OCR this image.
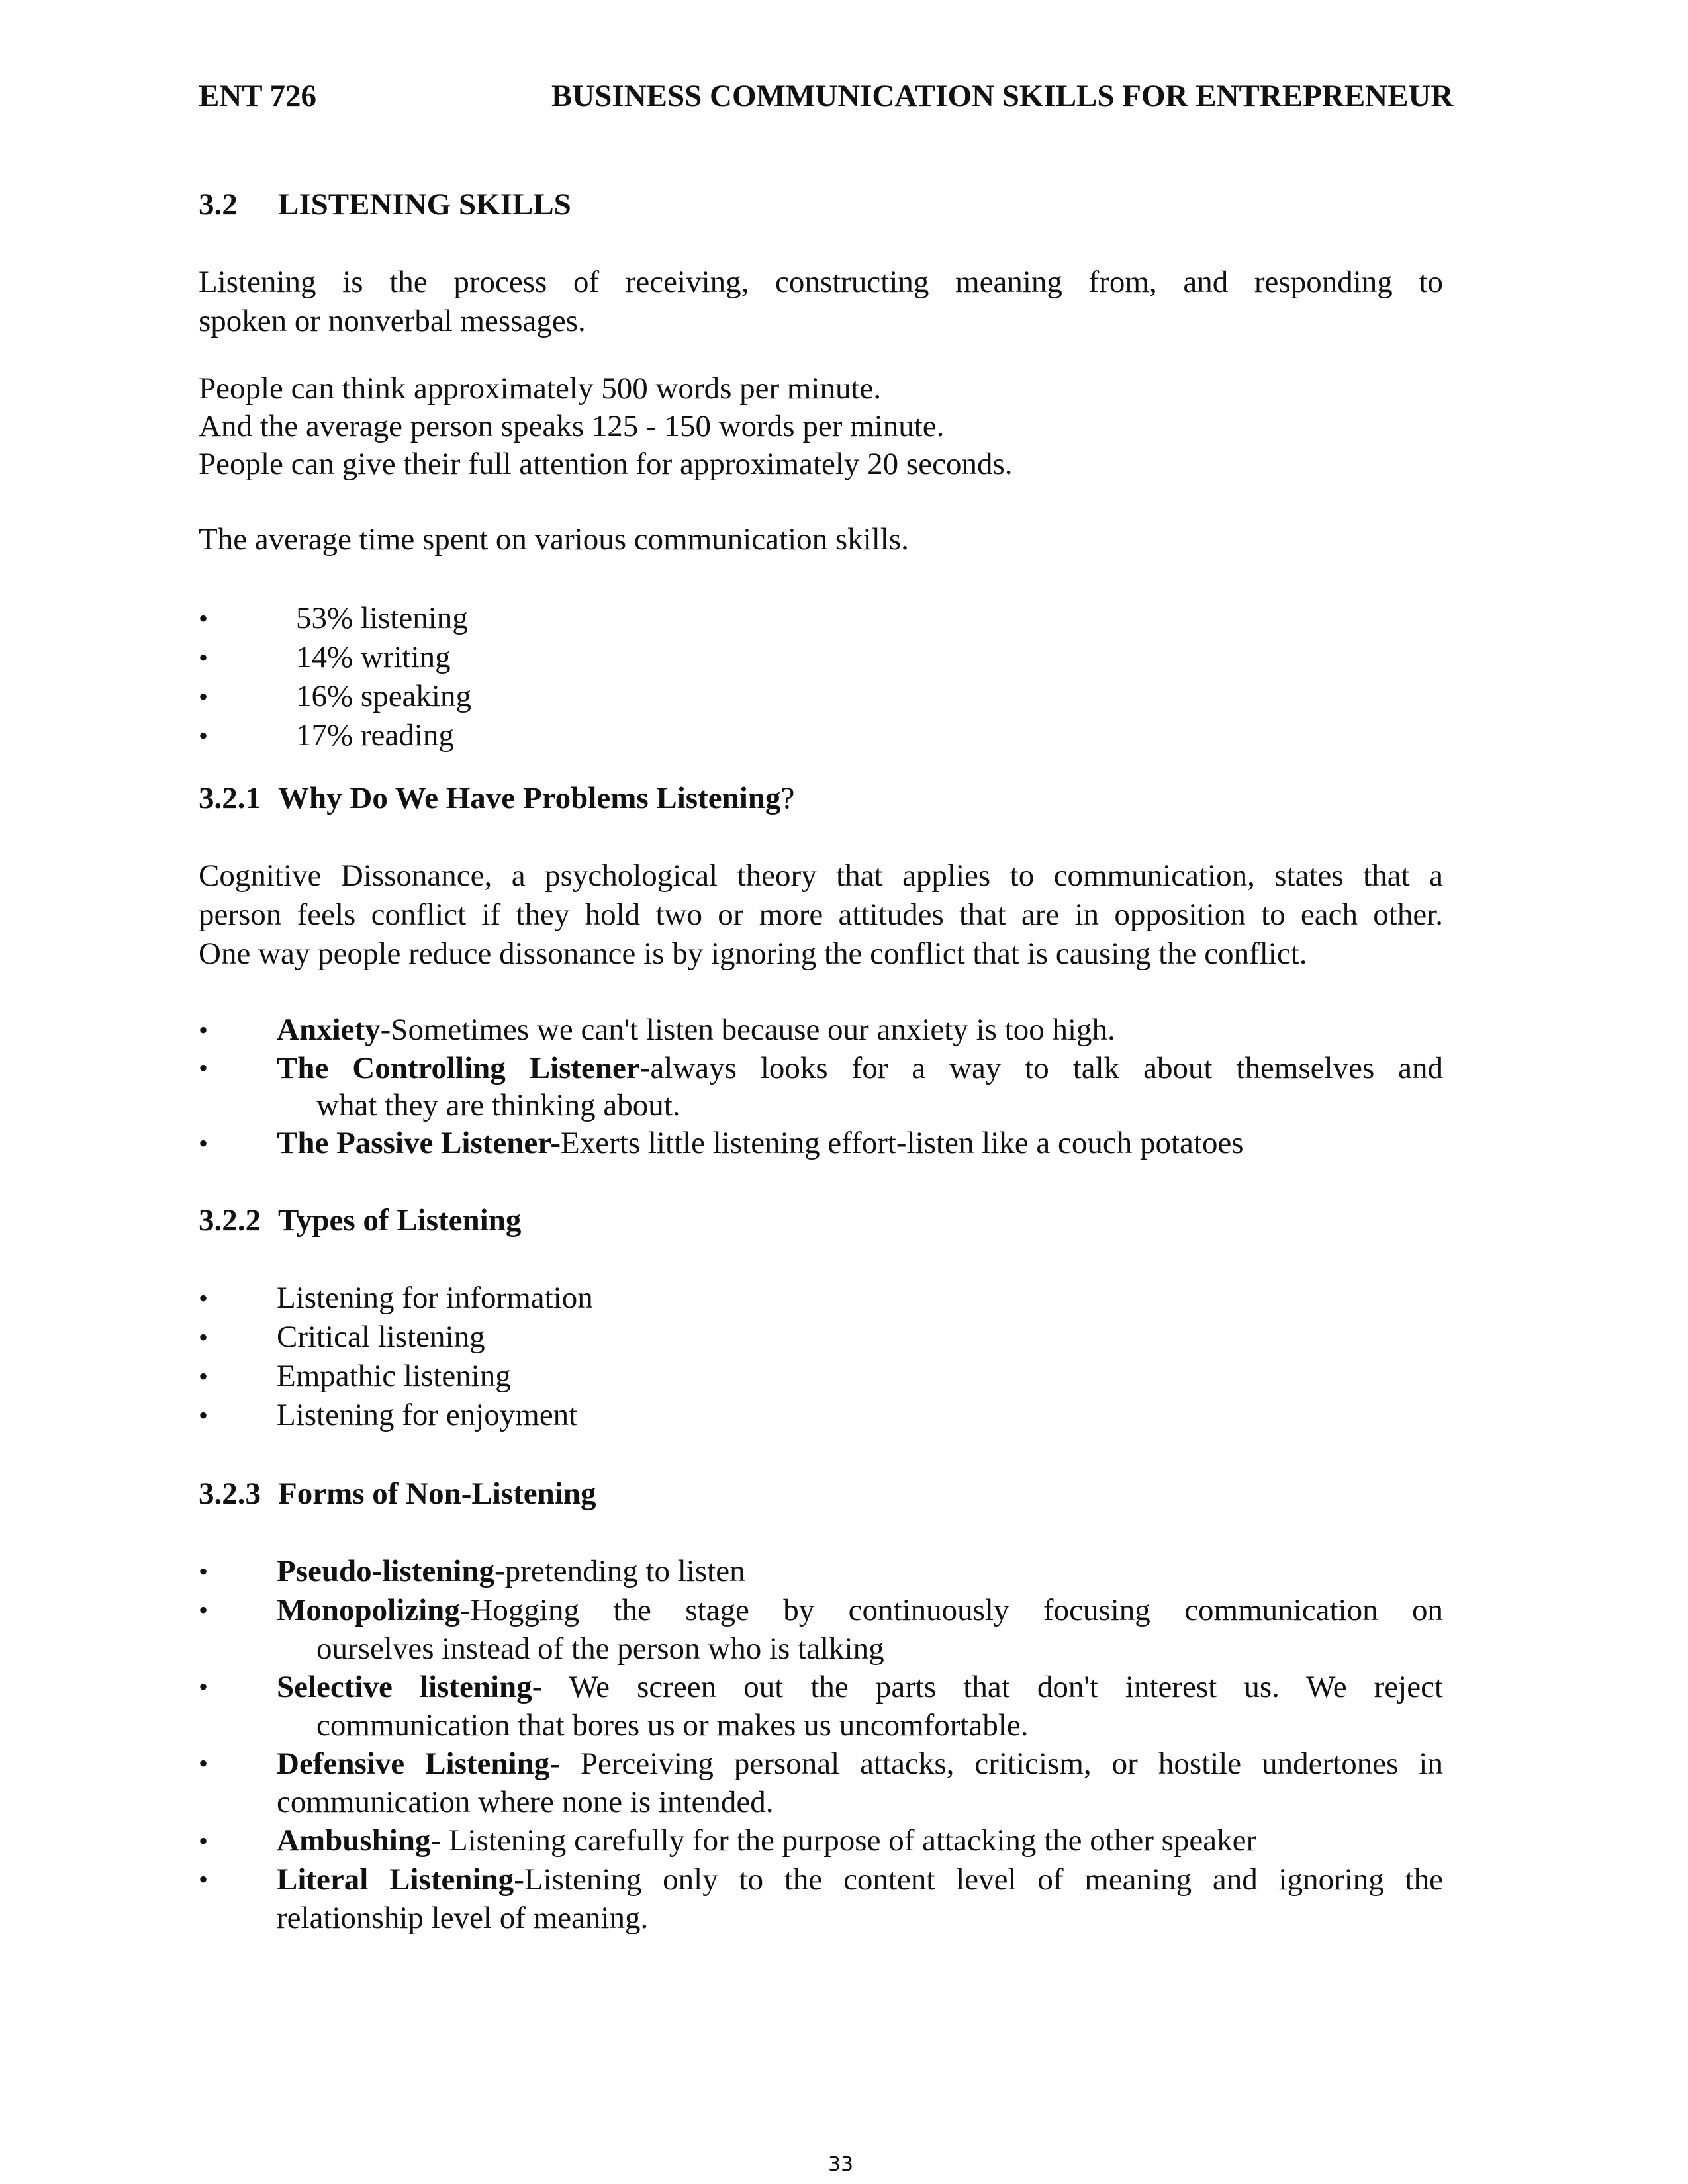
ENT 726	BUSINESS COMMUNICATION SKILLS FOR ENTREPRENEUR
3.2 LISTENING SKILLS

Listening is the process of receiving, constructing meaning from, and responding to

spoken or nonverbal messages.

People can think approximately 500 words per minute.

And the average person speaks 125 - 150 words per minute.

People can give their full attention for approximately 20 seconds.

The average time spent on various communication skills.

•	53% listening
•	14% writing
•	16% speaking
•	17% reading
3.2.1 Why Do We Have Problems Listening?

Cognitive Dissonance, a psychological theory that applies to communication, states that a

person feels conflict if they hold two or more attitudes that are in opposition to each other.

One way people reduce dissonance is by ignoring the conflict that is causing the conflict.

• Anxiety-Sometimes we can't listen because our anxiety is too high.
• The Controlling Listener-always looks for a way to talk about themselves and
what they are thinking about.
• The Passive Listener-Exerts little listening effort-listen like a couch potatoes
3.2.2 Types of Listening
• Listening for information
• Critical listening
• Empathic listening
• Listening for enjoyment
3.2.3 Forms of Non-Listening
• Pseudo-listening-pretending to listen
• Monopolizing-Hogging the stage by continuously focusing communication on
ourselves instead of the person who is talking
• Selective listening- We screen out the parts that don't interest us. We reject
communication that bores us or makes us uncomfortable.
• Defensive Listening- Perceiving personal attacks, criticism, or hostile undertones in
communication where none is intended.
• Ambushing- Listening carefully for the purpose of attacking the other speaker
• Literal Listening-Listening only to the content level of meaning and ignoring the
relationship level of meaning.
33
